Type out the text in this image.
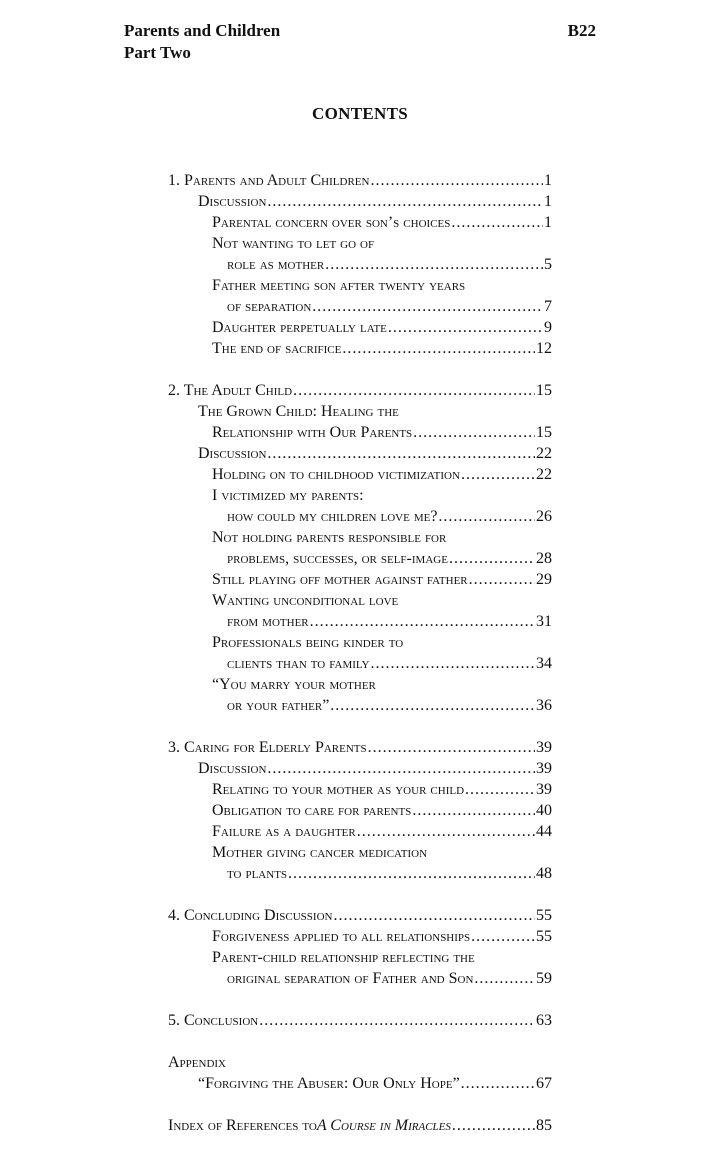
Parents and Children
Part Two
B22
CONTENTS
1. Parents and Adult Children .....	1
Discussion .....	1
Parental concern over son’s choices .....	1
Not wanting to let go of
role as mother .....	5
Father meeting son after twenty years
of separation .....	7
Daughter perpetually late .....	9
The end of sacrifice .....	12
2. The Adult Child .....	15
The Grown Child: Healing the
Relationship with Our Parents .....	15
Discussion .....	22
Holding on to childhood victimization .....	22
I victimized my parents:
how could my children love me? .....	26
Not holding parents responsible for
problems, successes, or self-image .....	28
Still playing off mother against father .....	29
Wanting unconditional love
from mother .....	31
Professionals being kinder to
clients than to family .....	34
“You marry your mother
or your father” .....	36
3. Caring for Elderly Parents .....	39
Discussion .....	39
Relating to your mother as your child .....	39
Obligation to care for parents .....	40
Failure as a daughter .....	44
Mother giving cancer medication
to plants .....	48
4. Concluding Discussion .....	55
Forgiveness applied to all relationships .....	55
Parent-child relationship reflecting the
original separation of Father and Son .....	59
5. Conclusion .....	63
Appendix
“Forgiving the Abuser: Our Only Hope” .....	67
Index of References to A Course in Miracles .....	85
